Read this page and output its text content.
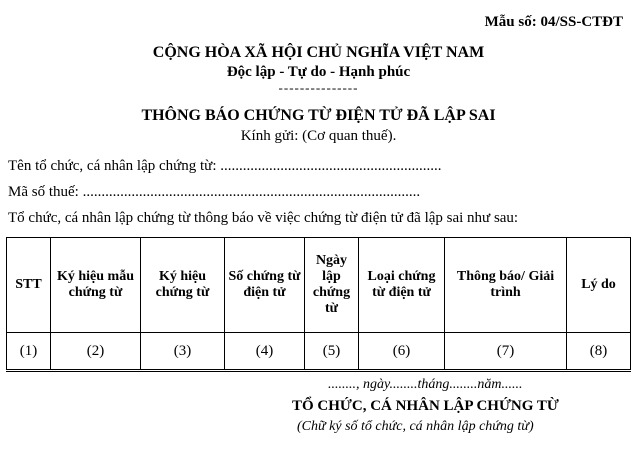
Mẫu số: 04/SS-CTĐT
CỘNG HÒA XÃ HỘI CHỦ NGHĨA VIỆT NAM
Độc lập - Tự do - Hạnh phúc
---------------
THÔNG BÁO CHỨNG TỪ ĐIỆN TỬ ĐÃ LẬP SAI
Kính gửi: (Cơ quan thuế).
Tên tổ chức, cá nhân lập chứng từ: ...........................................................
Mã số thuế: ..........................................................................................
Tổ chức, cá nhân lập chứng từ thông báo về việc chứng từ điện tử đã lập sai như sau:
STT	Ký hiệu mẫu chứng từ	Ký hiệu chứng từ	Số chứng từ điện tử	Ngày lập chứng từ	Loại chứng từ điện tử	Thông báo/ Giải trình	Lý do
(1)	(2)	(3)	(4)	(5)	(6)	(7)	(8)
........, ngày........tháng........năm......
TỔ CHỨC, CÁ NHÂN LẬP CHỨNG TỪ
(Chữ ký số tổ chức, cá nhân lập chứng từ)
